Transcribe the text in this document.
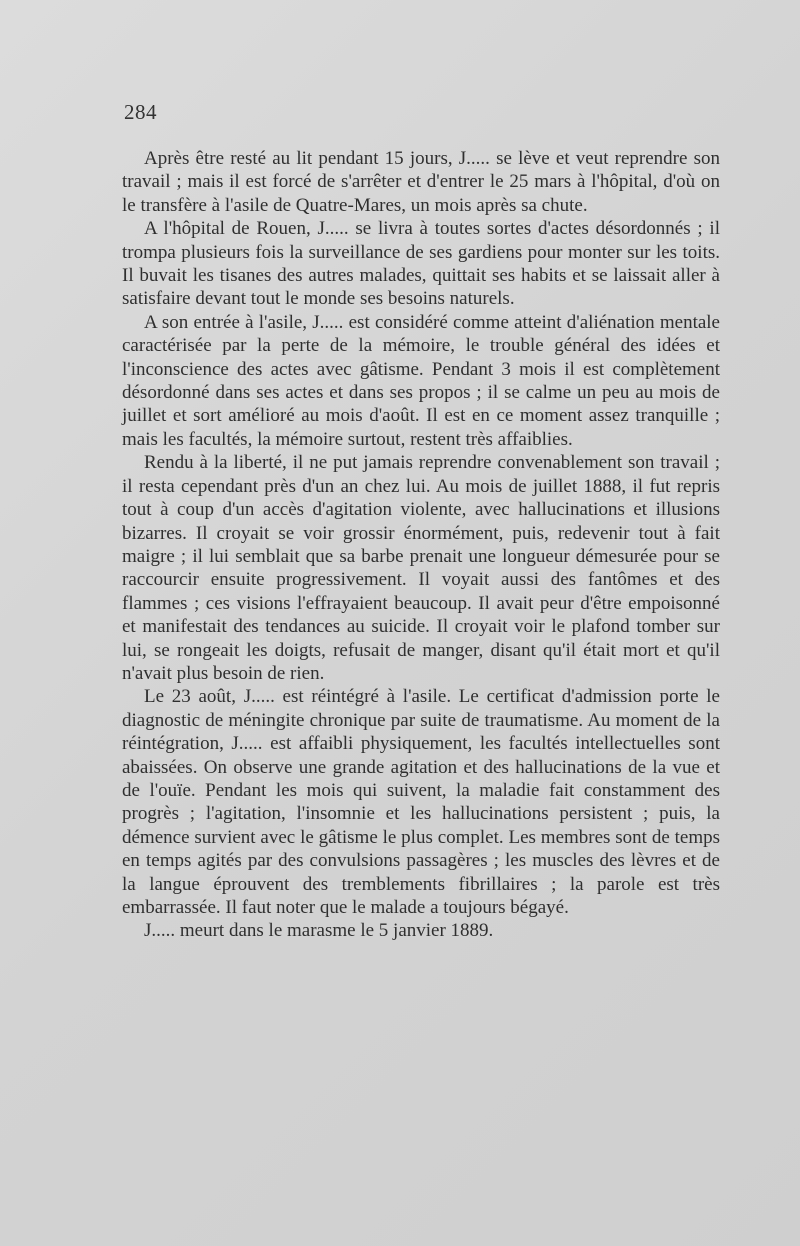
284

Après être resté au lit pendant 15 jours, J..... se lève et veut reprendre son travail ; mais il est forcé de s'arrêter et d'entrer le 25 mars à l'hôpital, d'où on le transfère à l'asile de Quatre-Mares, un mois après sa chute.

A l'hôpital de Rouen, J..... se livra à toutes sortes d'actes désordonnés ; il trompa plusieurs fois la surveillance de ses gardiens pour monter sur les toits. Il buvait les tisanes des autres malades, quittait ses habits et se laissait aller à satisfaire devant tout le monde ses besoins naturels.

A son entrée à l'asile, J..... est considéré comme atteint d'aliénation mentale caractérisée par la perte de la mémoire, le trouble général des idées et l'inconscience des actes avec gâtisme. Pendant 3 mois il est complètement désordonné dans ses actes et dans ses propos ; il se calme un peu au mois de juillet et sort amélioré au mois d'août. Il est en ce moment assez tranquille ; mais les facultés, la mémoire surtout, restent très affaiblies.

Rendu à la liberté, il ne put jamais reprendre convenablement son travail ; il resta cependant près d'un an chez lui. Au mois de juillet 1888, il fut repris tout à coup d'un accès d'agitation violente, avec hallucinations et illusions bizarres. Il croyait se voir grossir énormément, puis, redevenir tout à fait maigre ; il lui semblait que sa barbe prenait une longueur démesurée pour se raccourcir ensuite progressivement. Il voyait aussi des fantômes et des flammes ; ces visions l'effrayaient beaucoup. Il avait peur d'être empoisonné et manifestait des tendances au suicide. Il croyait voir le plafond tomber sur lui, se rongeait les doigts, refusait de manger, disant qu'il était mort et qu'il n'avait plus besoin de rien.

Le 23 août, J..... est réintégré à l'asile. Le certificat d'admission porte le diagnostic de méningite chronique par suite de traumatisme. Au moment de la réintégration, J..... est affaibli physiquement, les facultés intellectuelles sont abaissées. On observe une grande agitation et des hallucinations de la vue et de l'ouïe. Pendant les mois qui suivent, la maladie fait constamment des progrès ; l'agitation, l'insomnie et les hallucinations persistent ; puis, la démence survient avec le gâtisme le plus complet. Les membres sont de temps en temps agités par des convulsions passagères ; les muscles des lèvres et de la langue éprouvent des tremblements fibrillaires ; la parole est très embarrassée. Il faut noter que le malade a toujours bégayé.

J..... meurt dans le marasme le 5 janvier 1889.
